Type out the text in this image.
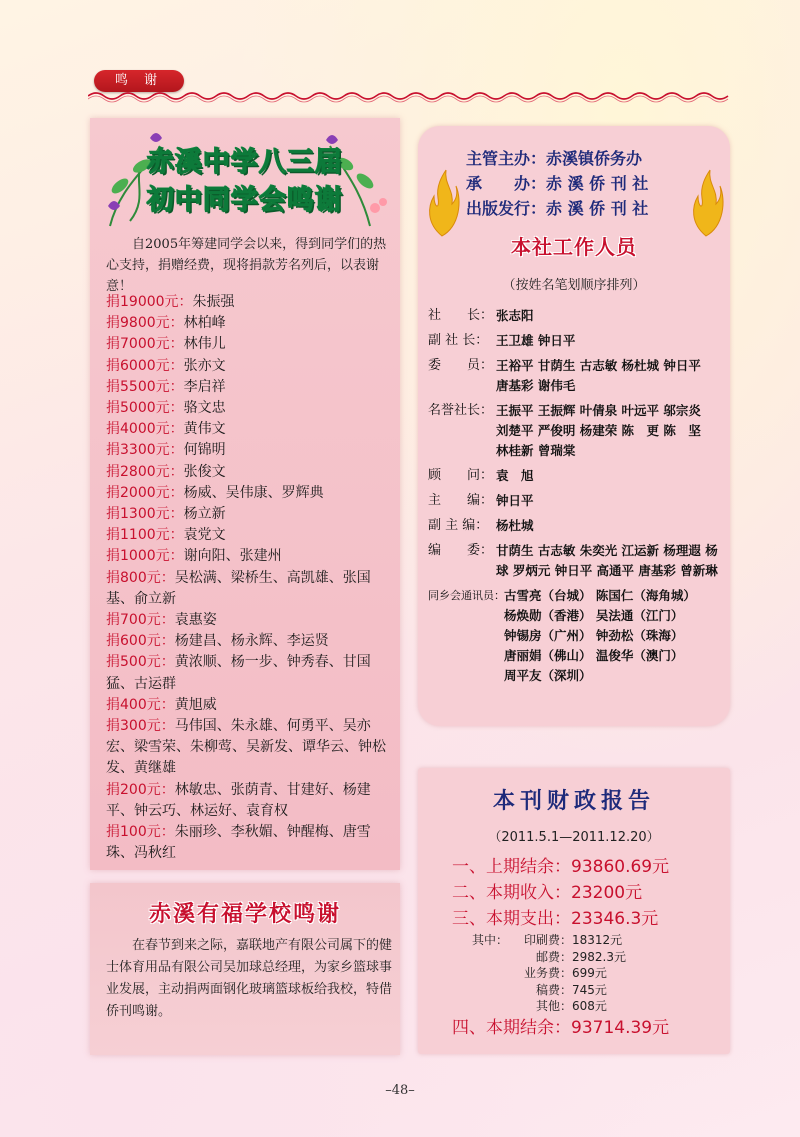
鸣 谢
赤溪中学八三届
初中同学会鸣谢
自2005年筹建同学会以来，得到同学们的热心支持，捐赠经费，现将捐款芳名列后，以表谢意！
捐19000元：朱振强
捐9800元：林柏峰
捐7000元：林伟儿
捐6000元：张亦文
捐5500元：李启祥
捐5000元：骆文忠
捐4000元：黄伟文
捐3300元：何锦明
捐2800元：张俊文
捐2000元：杨威、吴伟康、罗辉典
捐1300元：杨立新
捐1100元：袁党文
捐1000元：谢向阳、张建州
捐800元：吴松满、梁桥生、高凯雄、张国基、俞立新
捐700元：袁惠姿
捐600元：杨建昌、杨永辉、李运贤
捐500元：黄浓顺、杨一步、钟秀春、甘国猛、古运群
捐400元：黄旭威
捐300元：马伟国、朱永雄、何勇平、吴亦宏、梁雪荣、朱柳莺、吴新发、谭华云、钟松发、黄继雄
捐200元：林敏忠、张荫青、甘建好、杨建平、钟云巧、林运好、袁育权
捐100元：朱丽珍、李秋媚、钟醒梅、唐雪珠、冯秋红
赤溪有福学校鸣谢
在春节到来之际，嘉联地产有限公司属下的健士体育用品有限公司吴加球总经理，为家乡篮球事业发展，主动捐两面钢化玻璃篮球板给我校，特借侨刊鸣谢。
主管主办：赤溪镇侨务办
承　　办：赤 溪 侨 刊 社
出版发行：赤 溪 侨 刊 社
本社工作人员
（按姓名笔划顺序排列）
社　　长： 张志阳
副 社 长： 王卫雄 钟日平
委　　员： 王裕平 甘荫生 古志敏 杨杜城 钟日平 唐基彩 谢伟毛
名誉社长： 王振平 王振辉 叶倩泉 叶远平 邬宗炎 刘楚平 严俊明 杨建荣 陈　更 陈　坚 林桂新 曾瑞棠
顾　　问： 袁　旭
主　　编： 钟日平
副 主 编： 杨杜城
编　　委： 甘荫生 古志敏 朱奕光 江运新 杨理遐 杨　球 罗炳元 钟日平 高通平 唐基彩 曾新琳
同乡会通讯员： 古雪亮（台城） 陈国仁（海角城） 杨焕勋（香港） 吴法通（江门） 钟锡房（广州） 钟劲松（珠海） 唐丽娟（佛山） 温俊华（澳门） 周平友（深圳）
本刊财政报告
（2011.5.1—2011.12.20）
一、上期结余：93860.69元
二、本期收入：23200元
三、本期支出：23346.3元
其中： 印刷费：18312元
邮费：2982.3元
业务费：699元
稿费：745元
其他：608元
四、本期结余：93714.39元
–48–
